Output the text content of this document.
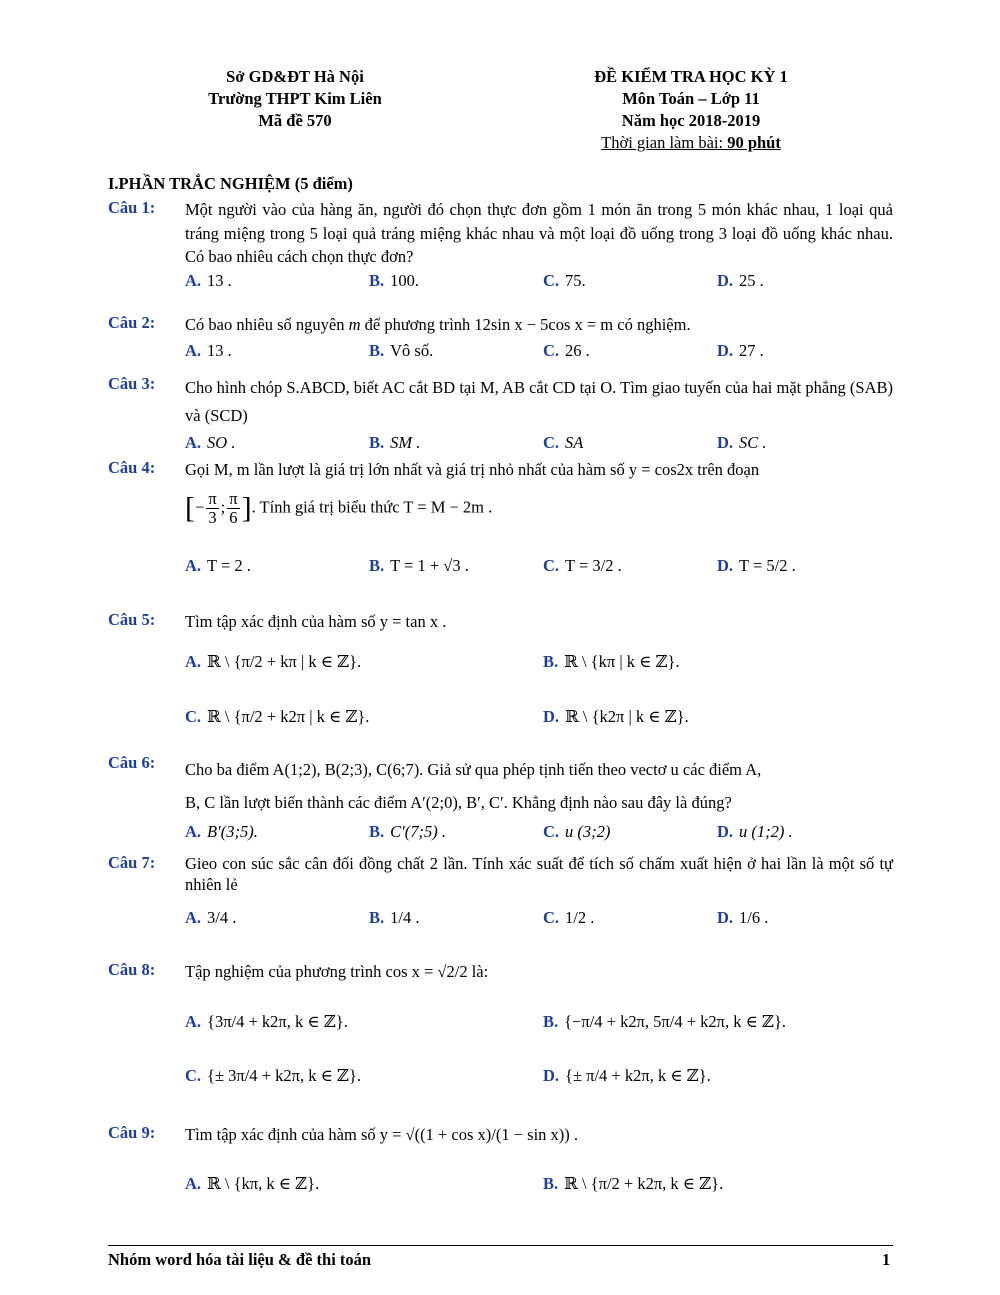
Sở GD&ĐT Hà Nội
Trường THPT Kim Liên
Mã đề 570
ĐỀ KIỂM TRA HỌC KỲ 1
Môn Toán – Lớp 11
Năm học 2018-2019
Thời gian làm bài: 90 phút
I.PHẦN TRẮC NGHIỆM (5 điểm)
Câu 1: Một người vào của hàng ăn, người đó chọn thực đơn gồm 1 món ăn trong 5 món khác nhau, 1 loại quả tráng miệng trong 5 loại quả tráng miệng khác nhau và một loại đồ uống trong 3 loại đồ uống khác nhau. Có bao nhiêu cách chọn thực đơn?
A. 13 .	B. 100.	C. 75.	D. 25 .
Câu 2: Có bao nhiêu số nguyên m để phương trình 12sin x − 5cos x = m có nghiệm.
A. 13 .	B. Vô số.	C. 26 .	D. 27 .
Câu 3: Cho hình chóp S.ABCD, biết AC cắt BD tại M, AB cắt CD tại O. Tìm giao tuyến của hai mặt phẳng (SAB) và (SCD)
A. SO .	B. SM .	C. SA	D. SC .
Câu 4: Gọi M, m lần lượt là giá trị lớn nhất và giá trị nhỏ nhất của hàm số y = cos2x trên đoạn
[− $\frac{\pi}{3}$ ; $\frac{\pi}{6}$ ]. Tính giá trị biểu thức T = M − 2m .
A. T = 2 .	B. T = 1 + √3 .	C. T = 3/2 .	D. T = 5/2 .
Câu 5: Tìm tập xác định của hàm số y = tan x .
A. ℝ \ {π/2 + kπ | k ∈ ℤ}.	B. ℝ \ {kπ | k ∈ ℤ}.
C. ℝ \ {π/2 + k2π | k ∈ ℤ}.	D. ℝ \ {k2π | k ∈ ℤ}.
Câu 6: Cho ba điểm A(1;2), B(2;3), C(6;7). Giả sử qua phép tịnh tiến theo vectơ u các điểm A,
B, C lần lượt biến thành các điểm A′(2;0), B′, C′. Khẳng định nào sau đây là đúng?
A. B′(3;5).	B. C′(7;5) .	C. u (3;2)	D. u (1;2) .
Câu 7: Gieo con súc sắc cân đối đồng chất 2 lần. Tính xác suất để tích số chấm xuất hiện ở hai lần là một số tự nhiên lẻ
A. 3/4 .	B. 1/4 .	C. 1/2 .	D. 1/6 .
Câu 8: Tập nghiệm của phương trình cos x = √2/2 là:
A. {3π/4 + k2π, k ∈ ℤ}.	B. {−π/4 + k2π, 5π/4 + k2π, k ∈ ℤ}.
C. {± 3π/4 + k2π, k ∈ ℤ}.	D. {± π/4 + k2π, k ∈ ℤ}.
Câu 9: Tìm tập xác định của hàm số y = √((1 + cos x)/(1 − sin x)) .
A. ℝ \ {kπ, k ∈ ℤ}.	B. ℝ \ {π/2 + k2π, k ∈ ℤ}.
Nhóm word hóa tài liệu & đề thi toán	1
